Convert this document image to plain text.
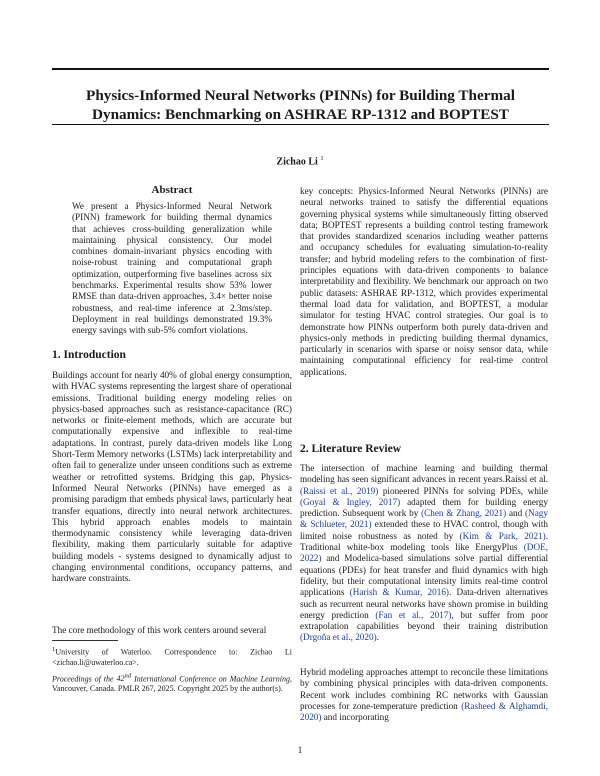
Physics-Informed Neural Networks (PINNs) for Building Thermal Dynamics: Benchmarking on ASHRAE RP-1312 and BOPTEST
Zichao Li $^1$
Abstract

We present a Physics-Informed Neural Network (PINN) framework for building thermal dynamics that achieves cross-building generalization while maintaining physical consistency. Our model combines domain-invariant physics encoding with noise-robust training and computational graph optimization, outperforming five baselines across six benchmarks. Experimental results show 53% lower RMSE than data-driven approaches, 3.4× better noise robustness, and real-time inference at 2.3ms/step. Deployment in real buildings demonstrated 19.3% energy savings with sub-5% comfort violations.

1. Introduction

Buildings account for nearly 40% of global energy consumption, with HVAC systems representing the largest share of operational emissions. Traditional building energy modeling relies on physics-based approaches such as resistance-capacitance (RC) networks or finite-element methods, which are accurate but computationally expensive and inflexible to real-time adaptations. In contrast, purely data-driven models like Long Short-Term Memory networks (LSTMs) lack interpretability and often fail to generalize under unseen conditions such as extreme weather or retrofitted systems. Bridging this gap, Physics-Informed Neural Networks (PINNs) have emerged as a promising paradigm that embeds physical laws, particularly heat transfer equations, directly into neural network architectures. This hybrid approach enables models to maintain thermodynamic consistency while leveraging data-driven flexibility, making them particularly suitable for adaptive building models - systems designed to dynamically adjust to changing environmental conditions, occupancy patterns, and hardware constraints.

The core methodology of this work centers around several

$^1$University of Waterloo. Correspondence to: Zichao Li <zichao.li@uwaterloo.ca>.

Proceedings of the 42nd International Conference on Machine Learning, Vancouver, Canada. PMLR 267, 2025. Copyright 2025 by the author(s).

key concepts: Physics-Informed Neural Networks (PINNs) are neural networks trained to satisfy the differential equations governing physical systems while simultaneously fitting observed data; BOPTEST represents a building control testing framework that provides standardized scenarios including weather patterns and occupancy schedules for evaluating simulation-to-reality transfer; and hybrid modeling refers to the combination of first-principles equations with data-driven components to balance interpretability and flexibility. We benchmark our approach on two public datasets: ASHRAE RP-1312, which provides experimental thermal load data for validation, and BOPTEST, a modular simulator for testing HVAC control strategies. Our goal is to demonstrate how PINNs outperform both purely data-driven and physics-only methods in predicting building thermal dynamics, particularly in scenarios with sparse or noisy sensor data, while maintaining computational efficiency for real-time control applications.

2. Literature Review

The intersection of machine learning and building thermal modeling has seen significant advances in recent years.Raissi et al. (Raissi et al., 2019) pioneered PINNs for solving PDEs, while (Goyal & Ingley, 2017) adapted them for building energy prediction. Subsequent work by (Chen & Zhang, 2021) and (Nagy & Schlueter, 2021) extended these to HVAC control, though with limited noise robustness as noted by (Kim & Park, 2021). Traditional white-box modeling tools like EnergyPlus (DOE, 2022) and Modelica-based simulations solve partial differential equations (PDEs) for heat transfer and fluid dynamics with high fidelity, but their computational intensity limits real-time control applications (Harish & Kumar, 2016). Data-driven alternatives such as recurrent neural networks have shown promise in building energy prediction (Fan et al., 2017), but suffer from poor extrapolation capabilities beyond their training distribution (Drgoňa et al., 2020).

Hybrid modeling approaches attempt to reconcile these limitations by combining physical principles with data-driven components. Recent work includes combining RC networks with Gaussian processes for zone-temperature prediction (Rasheed & Alghamdi, 2020) and incorporating

1
